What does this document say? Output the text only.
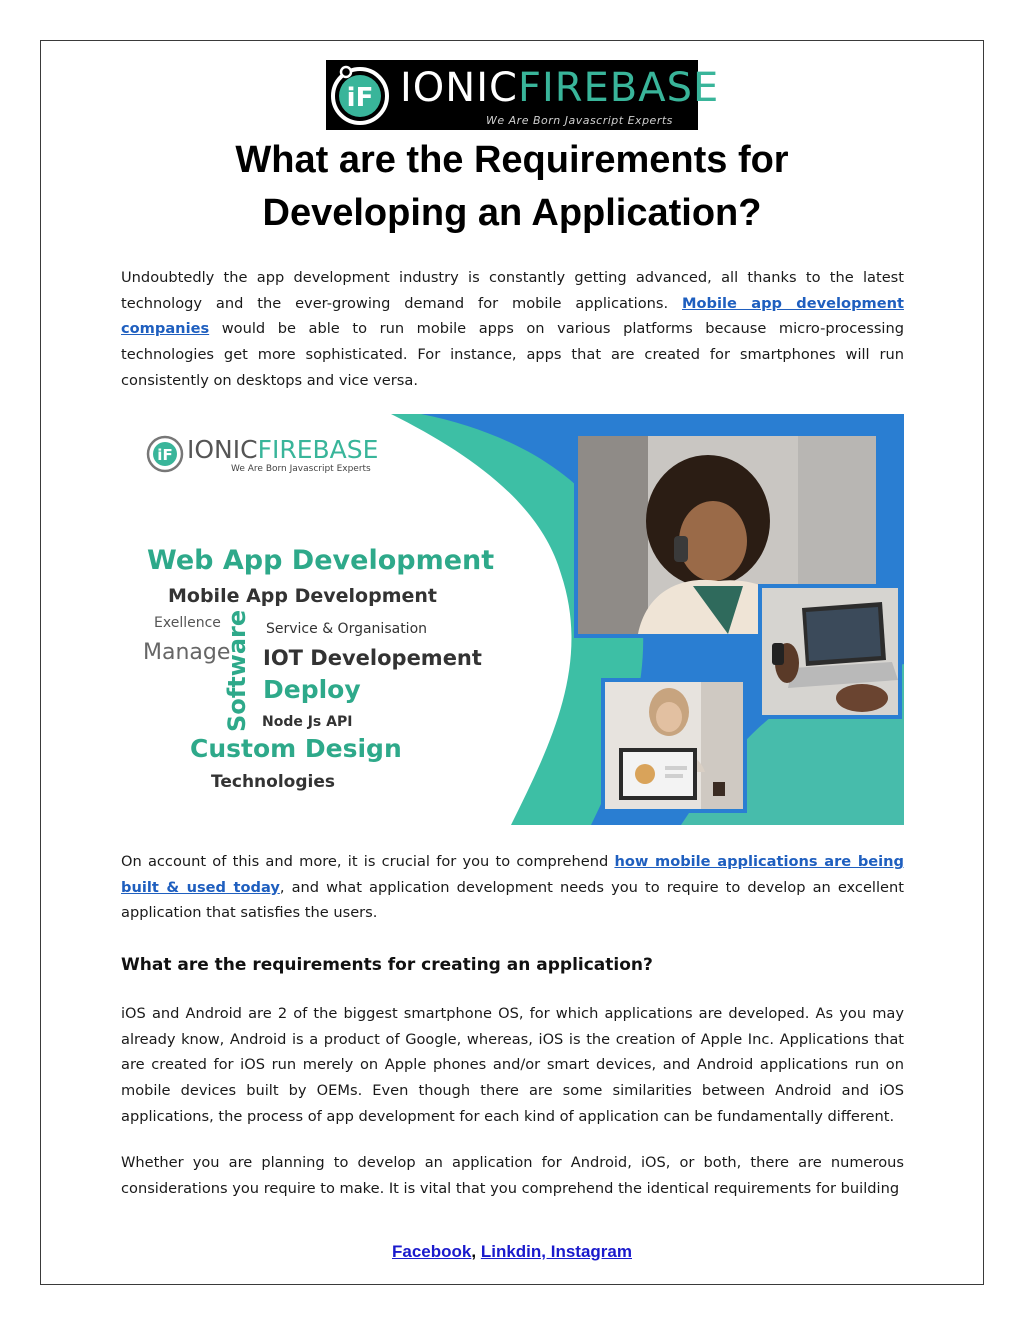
iF IONICFIREBASE
We Are Born Javascript Experts
What are the Requirements for
Developing an Application?

Undoubtedly the app development industry is constantly getting advanced, all thanks to the latest technology and the ever-growing demand for mobile applications. Mobile app development companies would be able to run mobile apps on various platforms because micro-processing technologies get more sophisticated. For instance, apps that are created for smartphones will run consistently on desktops and vice versa.

iF IONICFIREBASE
We Are Born Javascript Experts
Web App Development
Mobile App Development
Exellence	Service & Organisation
Manage
Software IOT Developement
Deploy
Node Js API
Custom Design
Technologies

On account of this and more, it is crucial for you to comprehend how mobile applications are being built & used today, and what application development needs you to require to develop an excellent application that satisfies the users.

What are the requirements for creating an application?

iOS and Android are 2 of the biggest smartphone OS, for which applications are developed. As you may already know, Android is a product of Google, whereas, iOS is the creation of Apple Inc. Applications that are created for iOS run merely on Apple phones and/or smart devices, and Android applications run on mobile devices built by OEMs. Even though there are some similarities between Android and iOS applications, the process of app development for each kind of application can be fundamentally different.

Whether you are planning to develop an application for Android, iOS, or both, there are numerous considerations you require to make. It is vital that you comprehend the identical requirements for building

Facebook, Linkdin, Instagram
